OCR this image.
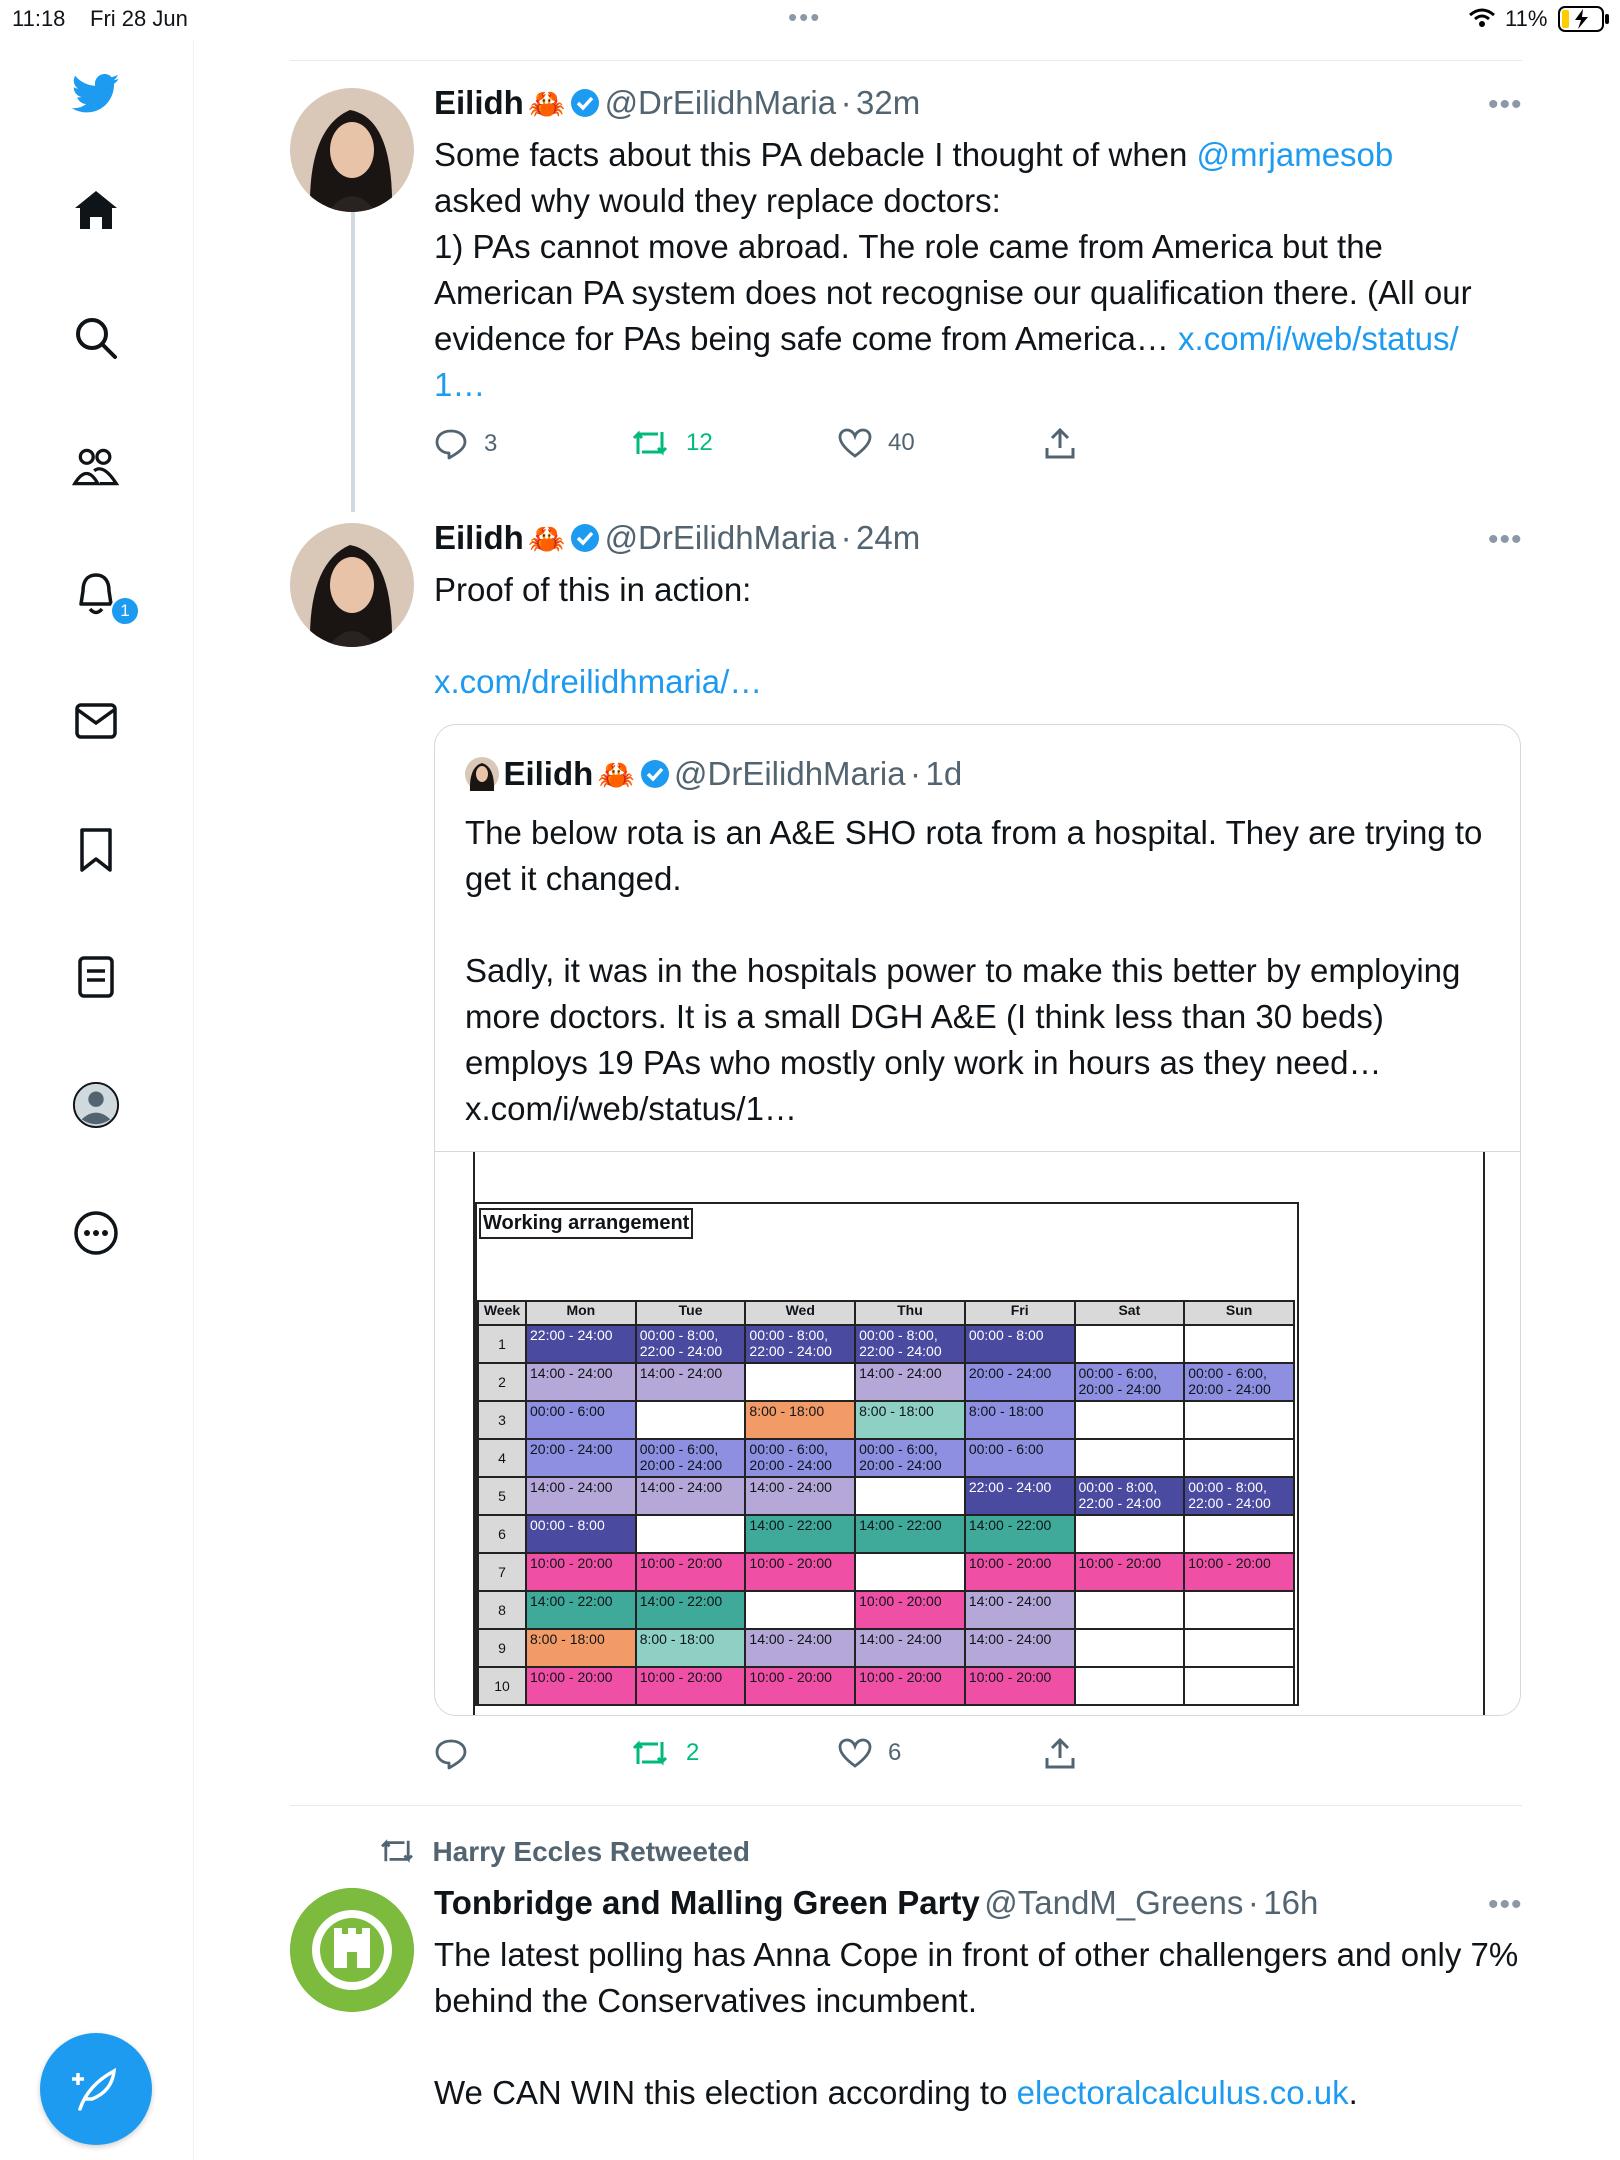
11:18 Fri 28 Jun	•••	11%
1
Eilidh 🦀 @DrEilidhMaria · 32m	•••
Some facts about this PA debacle I thought of when @mrjamesob
asked why would they replace doctors:
1) PAs cannot move abroad. The role came from America but the American PA system does not recognise our qualification there. (All our evidence for PAs being safe come from America… x.com/i/web/status/
1…
3	12	40
Eilidh 🦀 @DrEilidhMaria · 24m	•••
Proof of this in action:
x.com/dreilidhmaria/…
Eilidh 🦀 @DrEilidhMaria · 1d
The below rota is an A&E SHO rota from a hospital. They are trying to get it changed.

Sadly, it was in the hospitals power to make this better by employing more doctors. It is a small DGH A&E (I think less than 30 beds) employs 19 PAs who mostly only work in hours as they need…
x.com/i/web/status/1…
Working arrangement
Week	Mon	Tue	Wed	Thu	Fri	Sat	Sun
1	22:00 - 24:00	00:00 - 8:00,
22:00 - 24:00	00:00 - 8:00,
22:00 - 24:00	00:00 - 8:00,
22:00 - 24:00	00:00 - 8:00		
2	14:00 - 24:00	14:00 - 24:00		14:00 - 24:00	20:00 - 24:00	00:00 - 6:00,
20:00 - 24:00	00:00 - 6:00,
20:00 - 24:00
3	00:00 - 6:00		8:00 - 18:00	8:00 - 18:00	8:00 - 18:00		
4	20:00 - 24:00	00:00 - 6:00,
20:00 - 24:00	00:00 - 6:00,
20:00 - 24:00	00:00 - 6:00,
20:00 - 24:00	00:00 - 6:00		
5	14:00 - 24:00	14:00 - 24:00	14:00 - 24:00		22:00 - 24:00	00:00 - 8:00,
22:00 - 24:00	00:00 - 8:00,
22:00 - 24:00
6	00:00 - 8:00		14:00 - 22:00	14:00 - 22:00	14:00 - 22:00		
7	10:00 - 20:00	10:00 - 20:00	10:00 - 20:00		10:00 - 20:00	10:00 - 20:00	10:00 - 20:00
8	14:00 - 22:00	14:00 - 22:00		10:00 - 20:00	14:00 - 24:00		
9	8:00 - 18:00	8:00 - 18:00	14:00 - 24:00	14:00 - 24:00	14:00 - 24:00		
10	10:00 - 20:00	10:00 - 20:00	10:00 - 20:00	10:00 - 20:00	10:00 - 20:00		
2	6
Harry Eccles Retweeted
Tonbridge and Malling Green Party @TandM_Greens · 16h	•••
The latest polling has Anna Cope in front of other challengers and only 7% behind the Conservatives incumbent.

We CAN WIN this election according to electoralcalculus.co.uk.
